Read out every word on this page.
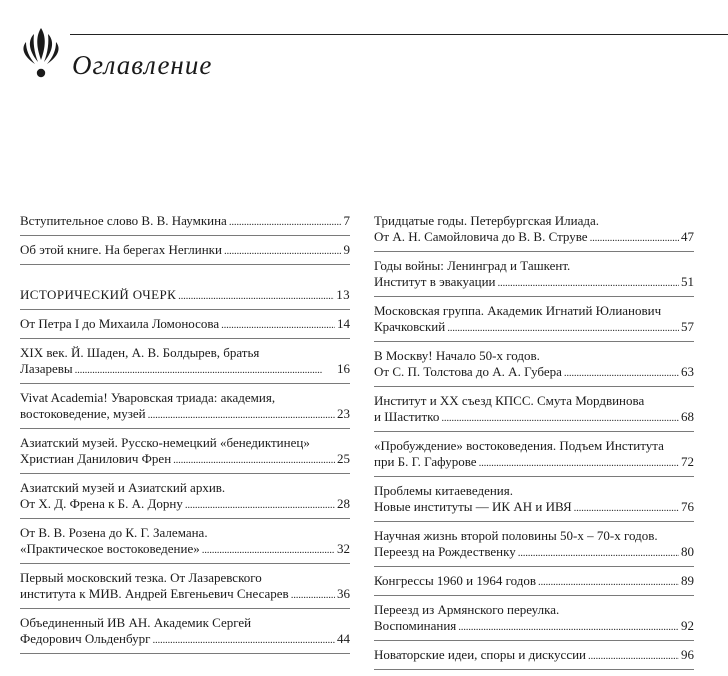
Оглавление
Вступительное слово В. В. Наумкина . . .	7
Об этой книге. На берегах Неглинки . . .	9
ИСТОРИЧЕСКИЙ ОЧЕРК . . .	13
От Петра I до Михаила Ломоносова . . .	14
XIX век. Й. Шаден, А. В. Болдырев, братья
Лазаревы . . .	16
Vivat Academia! Уваровская триада: академия,
востоковедение, музей . . .	23
Азиатский музей. Русско-немецкий «бенедиктинец»
Христиан Данилович Френ . . .	25
Азиатский музей и Азиатский архив.
От Х. Д. Френа к Б. А. Дорну . . .	28
От В. В. Розена до К. Г. Залемана.
«Практическое востоковедение» . . .	32
Первый московский тезка. От Лазаревского
института к МИВ. Андрей Евгеньевич Снесарев . . .	36
Объединенный ИВ АН. Академик Сергей
Федорович Ольденбург . . .	44
Тридцатые годы. Петербургская Илиада.
От А. Н. Самойловича до В. В. Струве . . .	47
Годы войны: Ленинград и Ташкент.
Институт в эвакуации . . .	51
Московская группа. Академик Игнатий Юлианович
Крачковский . . .	57
В Москву! Начало 50-х годов.
От С. П. Толстова до А. А. Губера . . .	63
Институт и XX съезд КПСС. Смута Мордвинова
и Шаститко . . .	68
«Пробуждение» востоковедения. Подъем Института
при Б. Г. Гафурове . . .	72
Проблемы китаеведения.
Новые институты — ИК АН и ИВЯ . . .	76
Научная жизнь второй половины 50-х – 70-х годов.
Переезд на Рождественку . . .	80
Конгрессы 1960 и 1964 годов . . .	89
Переезд из Армянского переулка.
Воспоминания . . .	92
Новаторские идеи, споры и дискуссии . . .	96
